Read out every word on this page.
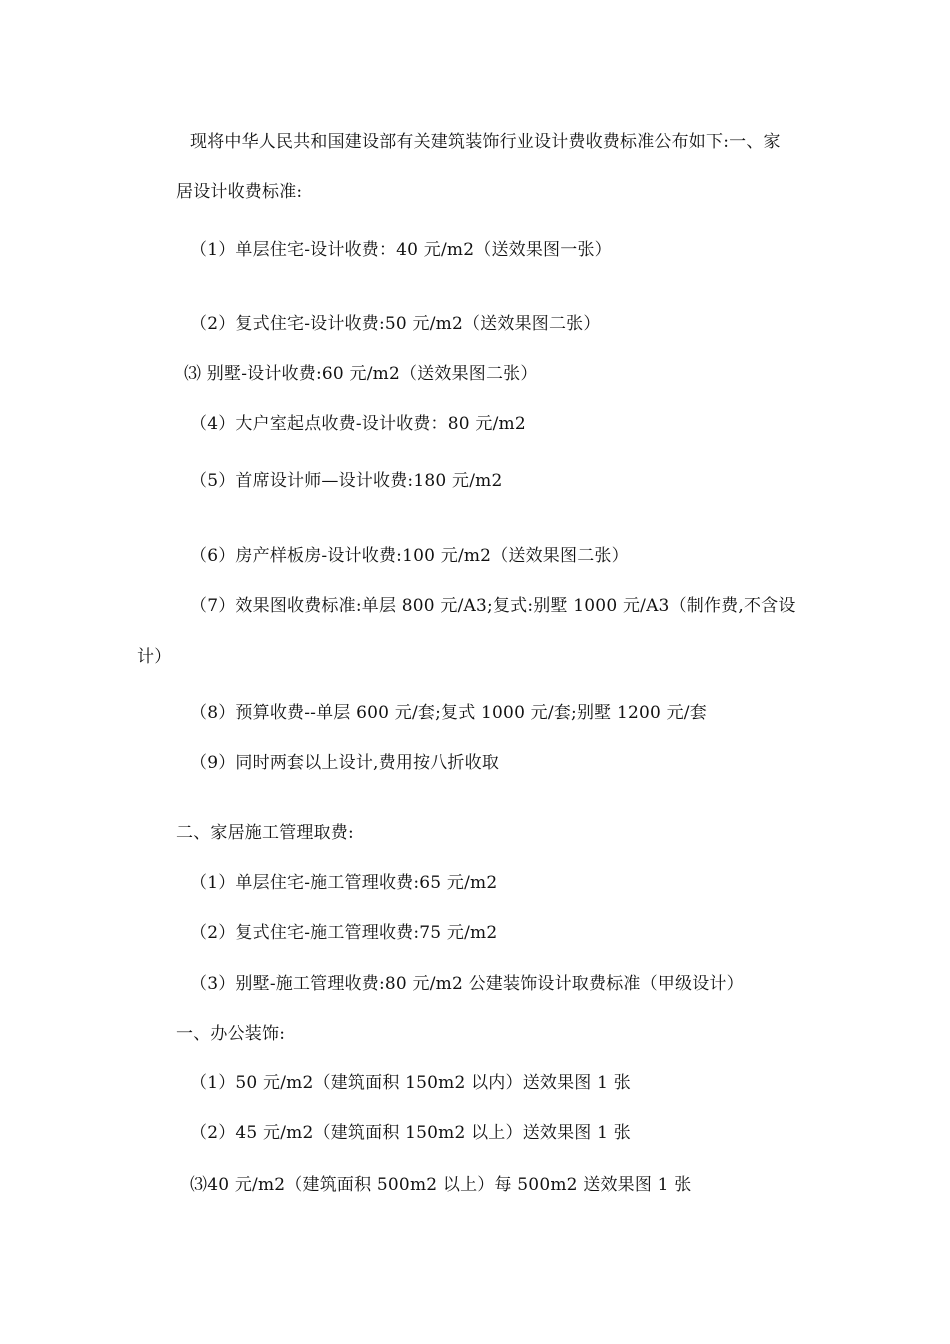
现将中华人民共和国建设部有关建筑装饰行业设计费收费标准公布如下:一、家
居设计收费标准:
（1）单层住宅-设计收费：40 元/m2（送效果图一张）
（2）复式住宅-设计收费:50 元/m2（送效果图二张）
⑶ 别墅-设计收费:60 元/m2（送效果图二张）
（4）大户室起点收费-设计收费：80 元/m2
（5）首席设计师—设计收费:180 元/m2
（6）房产样板房-设计收费:100 元/m2（送效果图二张）
（7）效果图收费标准:单层 800 元/A3;复式:别墅 1000 元/A3（制作费,不含设
计）
（8）预算收费--单层 600 元/套;复式 1000 元/套;别墅 1200 元/套
（9）同时两套以上设计,费用按八折收取
二、家居施工管理取费:
（1）单层住宅-施工管理收费:65 元/m2
（2）复式住宅-施工管理收费:75 元/m2
（3）别墅-施工管理收费:80 元/m2 公建装饰设计取费标准（甲级设计）
一、办公装饰:
（1）50 元/m2（建筑面积 150m2 以内）送效果图 1 张
（2）45 元/m2（建筑面积 150m2 以上）送效果图 1 张
⑶40 元/m2（建筑面积 500m2 以上）每 500m2 送效果图 1 张
